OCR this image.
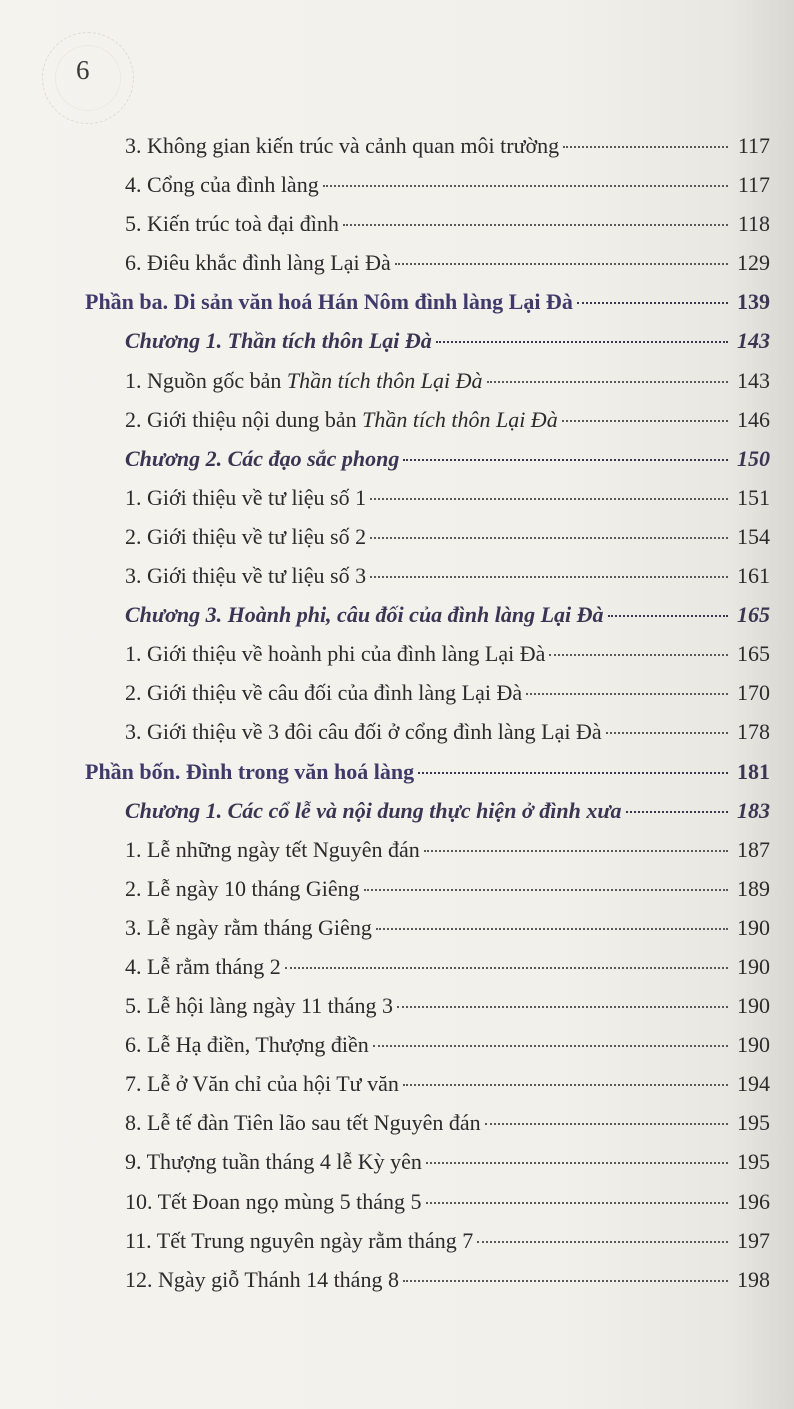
6
3. Không gian kiến trúc và cảnh quan môi trường	117
4. Cổng của đình làng	117
5. Kiến trúc toà đại đình	118
6. Điêu khắc đình làng Lại Đà	129
Phần ba. Di sản văn hoá Hán Nôm đình làng Lại Đà	139
Chương 1. Thần tích thôn Lại Đà	143
1. Nguồn gốc bản Thần tích thôn Lại Đà	143
2. Giới thiệu nội dung bản Thần tích thôn Lại Đà	146
Chương 2. Các đạo sắc phong	150
1. Giới thiệu về tư liệu số 1	151
2. Giới thiệu về tư liệu số 2	154
3. Giới thiệu về tư liệu số 3	161
Chương 3. Hoành phi, câu đối của đình làng Lại Đà	165
1. Giới thiệu về hoành phi của đình làng Lại Đà	165
2. Giới thiệu về câu đối của đình làng Lại Đà	170
3. Giới thiệu về 3 đôi câu đối ở cổng đình làng Lại Đà	178
Phần bốn. Đình trong văn hoá làng	181
Chương 1. Các cổ lễ và nội dung thực hiện ở đình xưa	183
1. Lễ những ngày tết Nguyên đán	187
2. Lễ ngày 10 tháng Giêng	189
3. Lễ ngày rằm tháng Giêng	190
4. Lễ rằm tháng 2	190
5. Lễ hội làng ngày 11 tháng 3	190
6. Lễ Hạ điền, Thượng điền	190
7. Lễ ở Văn chỉ của hội Tư văn	194
8. Lễ tế đàn Tiên lão sau tết Nguyên đán	195
9. Thượng tuần tháng 4 lễ Kỳ yên	195
10. Tết Đoan ngọ mùng 5 tháng 5	196
11. Tết Trung nguyên ngày rằm tháng 7	197
12. Ngày giỗ Thánh 14 tháng 8	198
